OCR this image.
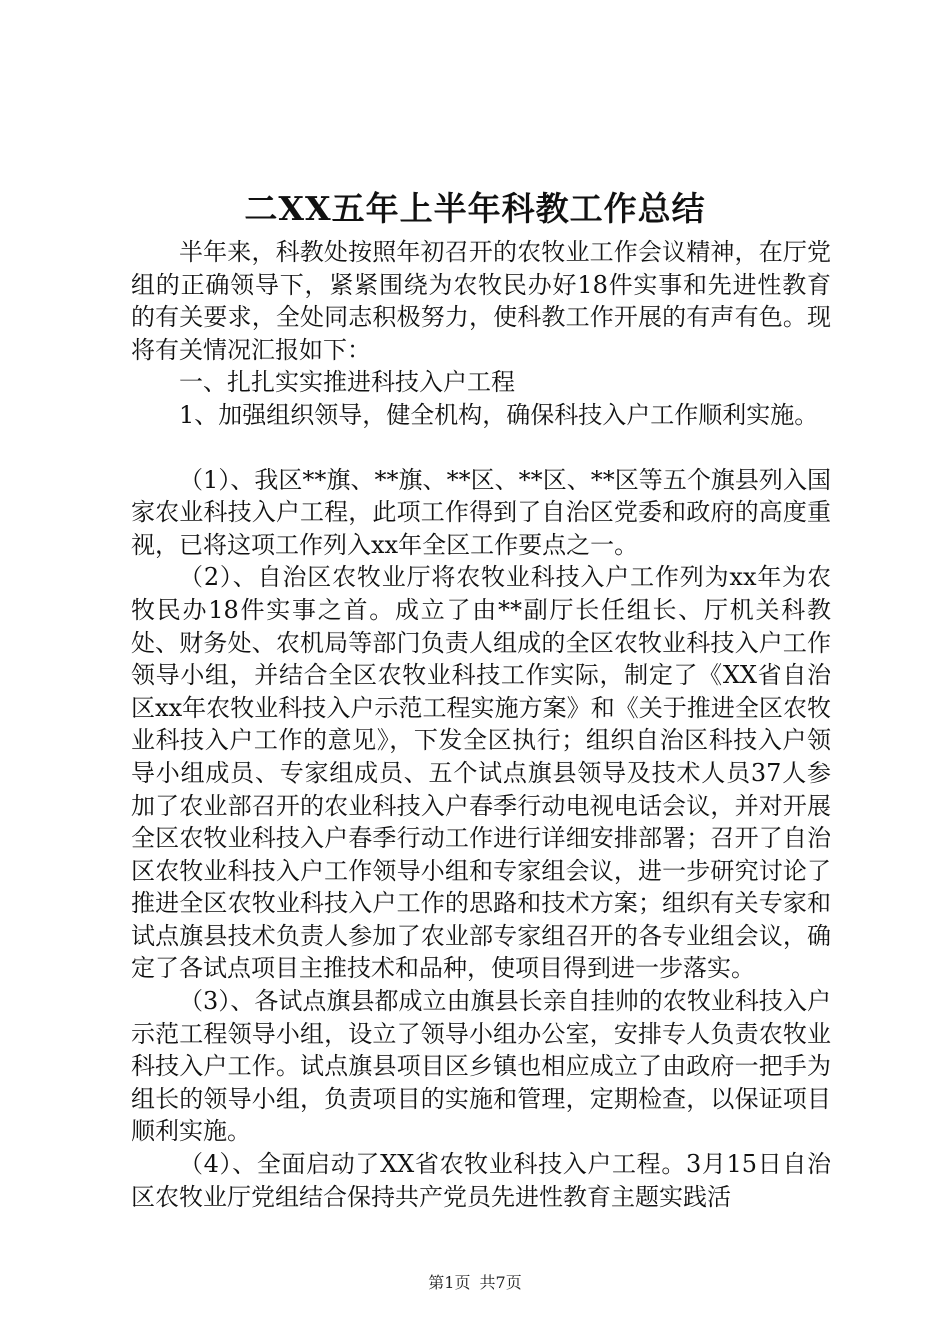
二XX五年上半年科教工作总结

半年来，科教处按照年初召开的农牧业工作会议精神，在厅党组的正确领导下，紧紧围绕为农牧民办好18件实事和先进性教育的有关要求，全处同志积极努力，使科教工作开展的有声有色。现将有关情况汇报如下：

一、扎扎实实推进科技入户工程

1、加强组织领导，健全机构，确保科技入户工作顺利实施。

（1）、我区**旗、**旗、**区、**区、**区等五个旗县列入国家农业科技入户工程，此项工作得到了自治区党委和政府的高度重视，已将这项工作列入xx年全区工作要点之一。

（2）、自治区农牧业厅将农牧业科技入户工作列为xx年为农牧民办18件实事之首。成立了由**副厅长任组长、厅机关科教处、财务处、农机局等部门负责人组成的全区农牧业科技入户工作领导小组，并结合全区农牧业科技工作实际，制定了《XX省自治区xx年农牧业科技入户示范工程实施方案》和《关于推进全区农牧业科技入户工作的意见》，下发全区执行；组织自治区科技入户领导小组成员、专家组成员、五个试点旗县领导及技术人员37人参加了农业部召开的农业科技入户春季行动电视电话会议，并对开展全区农牧业科技入户春季行动工作进行详细安排部署；召开了自治区农牧业科技入户工作领导小组和专家组会议，进一步研究讨论了推进全区农牧业科技入户工作的思路和技术方案；组织有关专家和试点旗县技术负责人参加了农业部专家组召开的各专业组会议，确定了各试点项目主推技术和品种，使项目得到进一步落实。

（3）、各试点旗县都成立由旗县长亲自挂帅的农牧业科技入户示范工程领导小组，设立了领导小组办公室，安排专人负责农牧业科技入户工作。试点旗县项目区乡镇也相应成立了由政府一把手为组长的领导小组，负责项目的实施和管理，定期检查，以保证项目顺利实施。

（4）、全面启动了XX省农牧业科技入户工程。3月15日自治区农牧业厅党组结合保持共产党员先进性教育主题实践活

第1页 共7页
